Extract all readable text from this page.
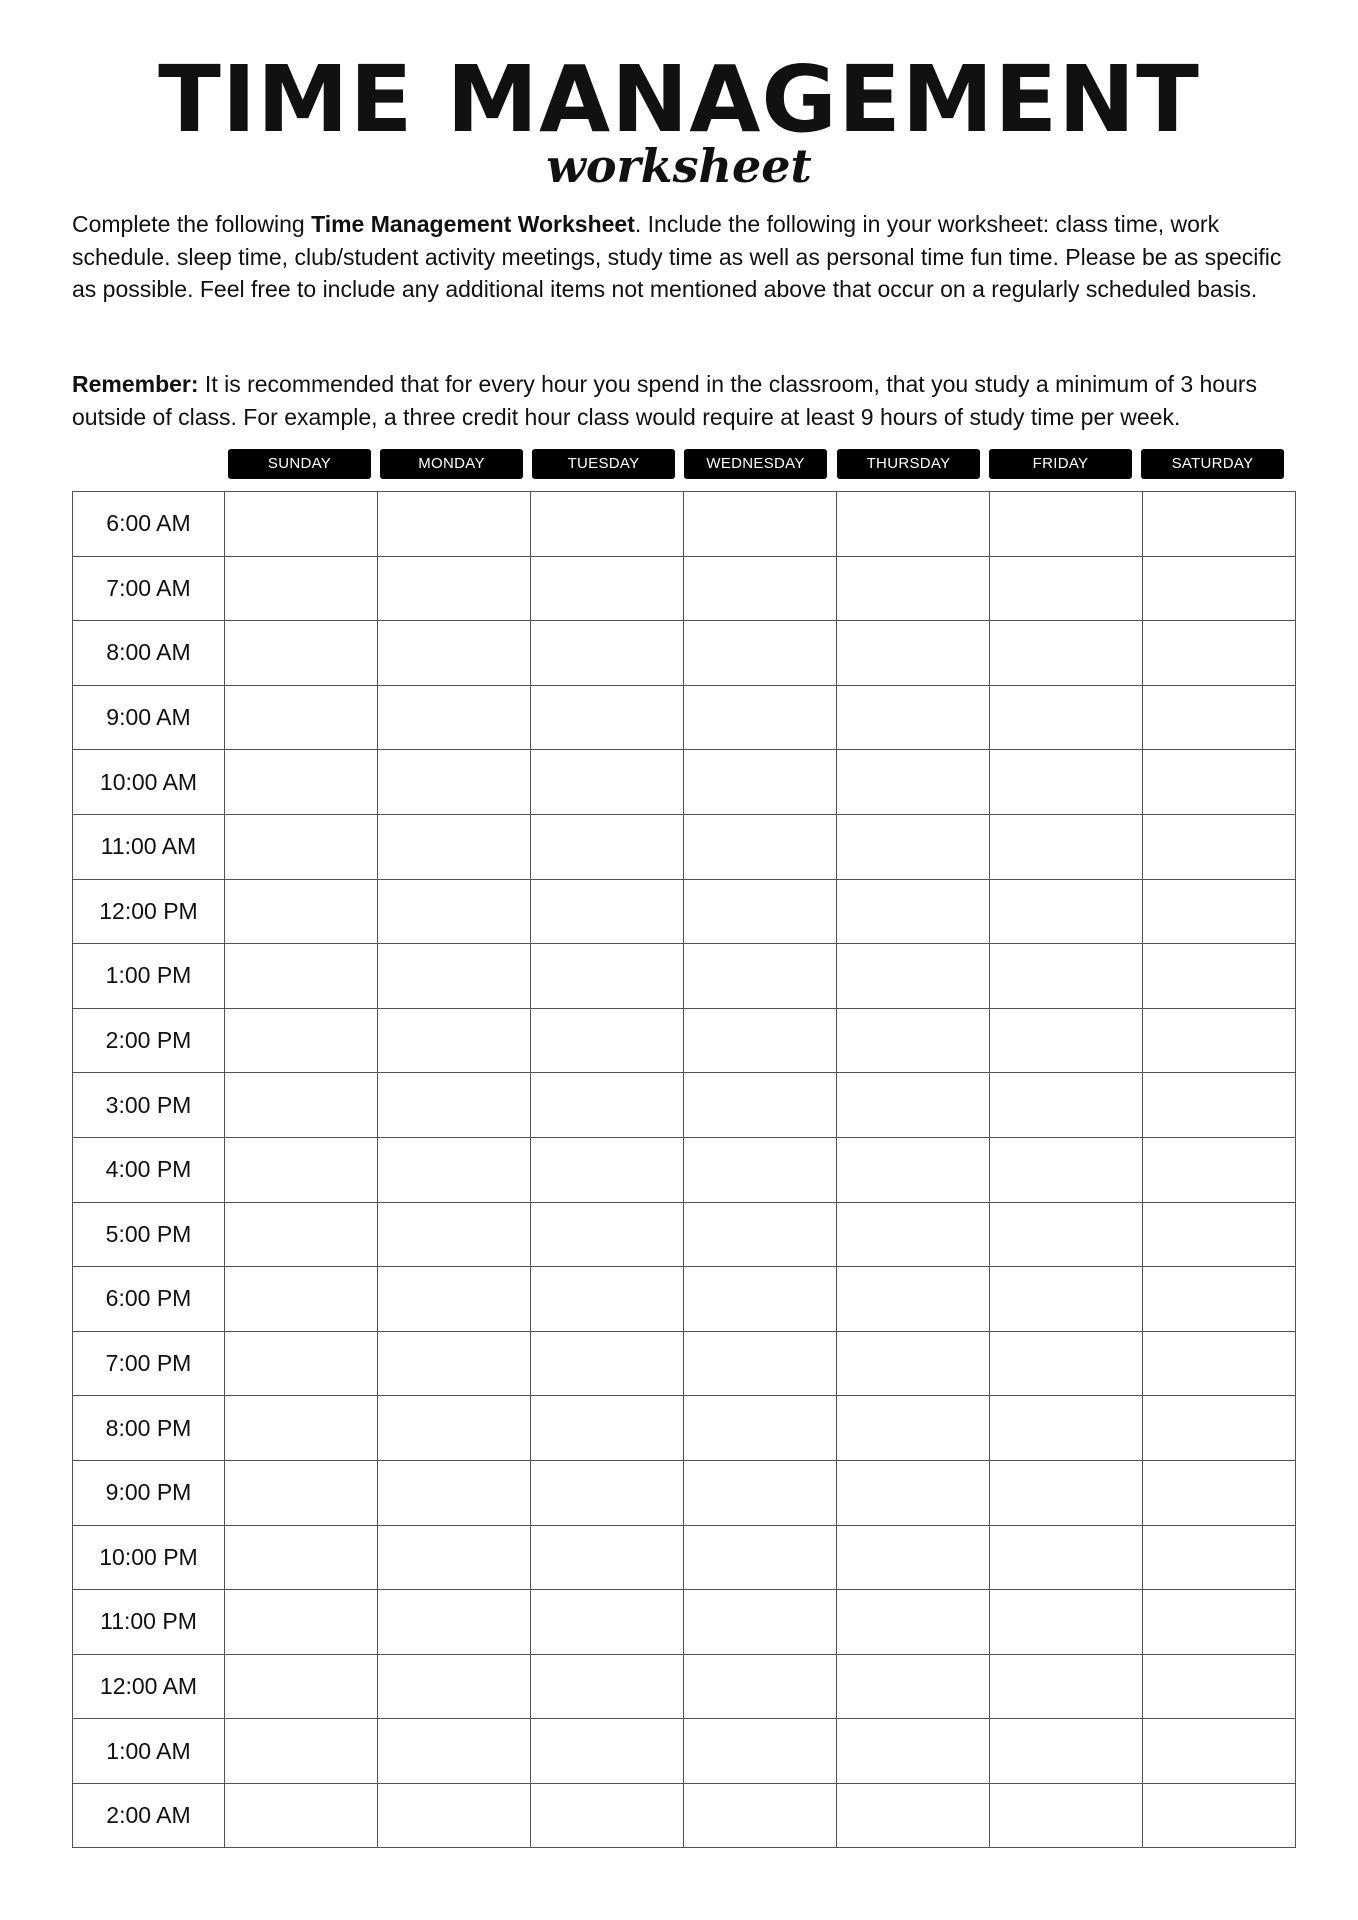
TIME MANAGEMENT
worksheet

Complete the following Time Management Worksheet. Include the following in your worksheet: class time, work schedule. sleep time, club/student activity meetings, study time as well as personal time fun time. Please be as specific as possible. Feel free to include any additional items not mentioned above that occur on a regularly scheduled basis.

Remember: It is recommended that for every hour you spend in the classroom, that you study a minimum of 3 hours outside of class. For example, a three credit hour class would require at least 9 hours of study time per week.

SUNDAY	MONDAY	TUESDAY	WEDNESDAY	THURSDAY	FRIDAY	SATURDAY
6:00 AM							
7:00 AM							
8:00 AM							
9:00 AM							
10:00 AM							
11:00 AM							
12:00 PM							
1:00 PM							
2:00 PM							
3:00 PM							
4:00 PM							
5:00 PM							
6:00 PM							
7:00 PM							
8:00 PM							
9:00 PM							
10:00 PM							
11:00 PM							
12:00 AM							
1:00 AM							
2:00 AM							
